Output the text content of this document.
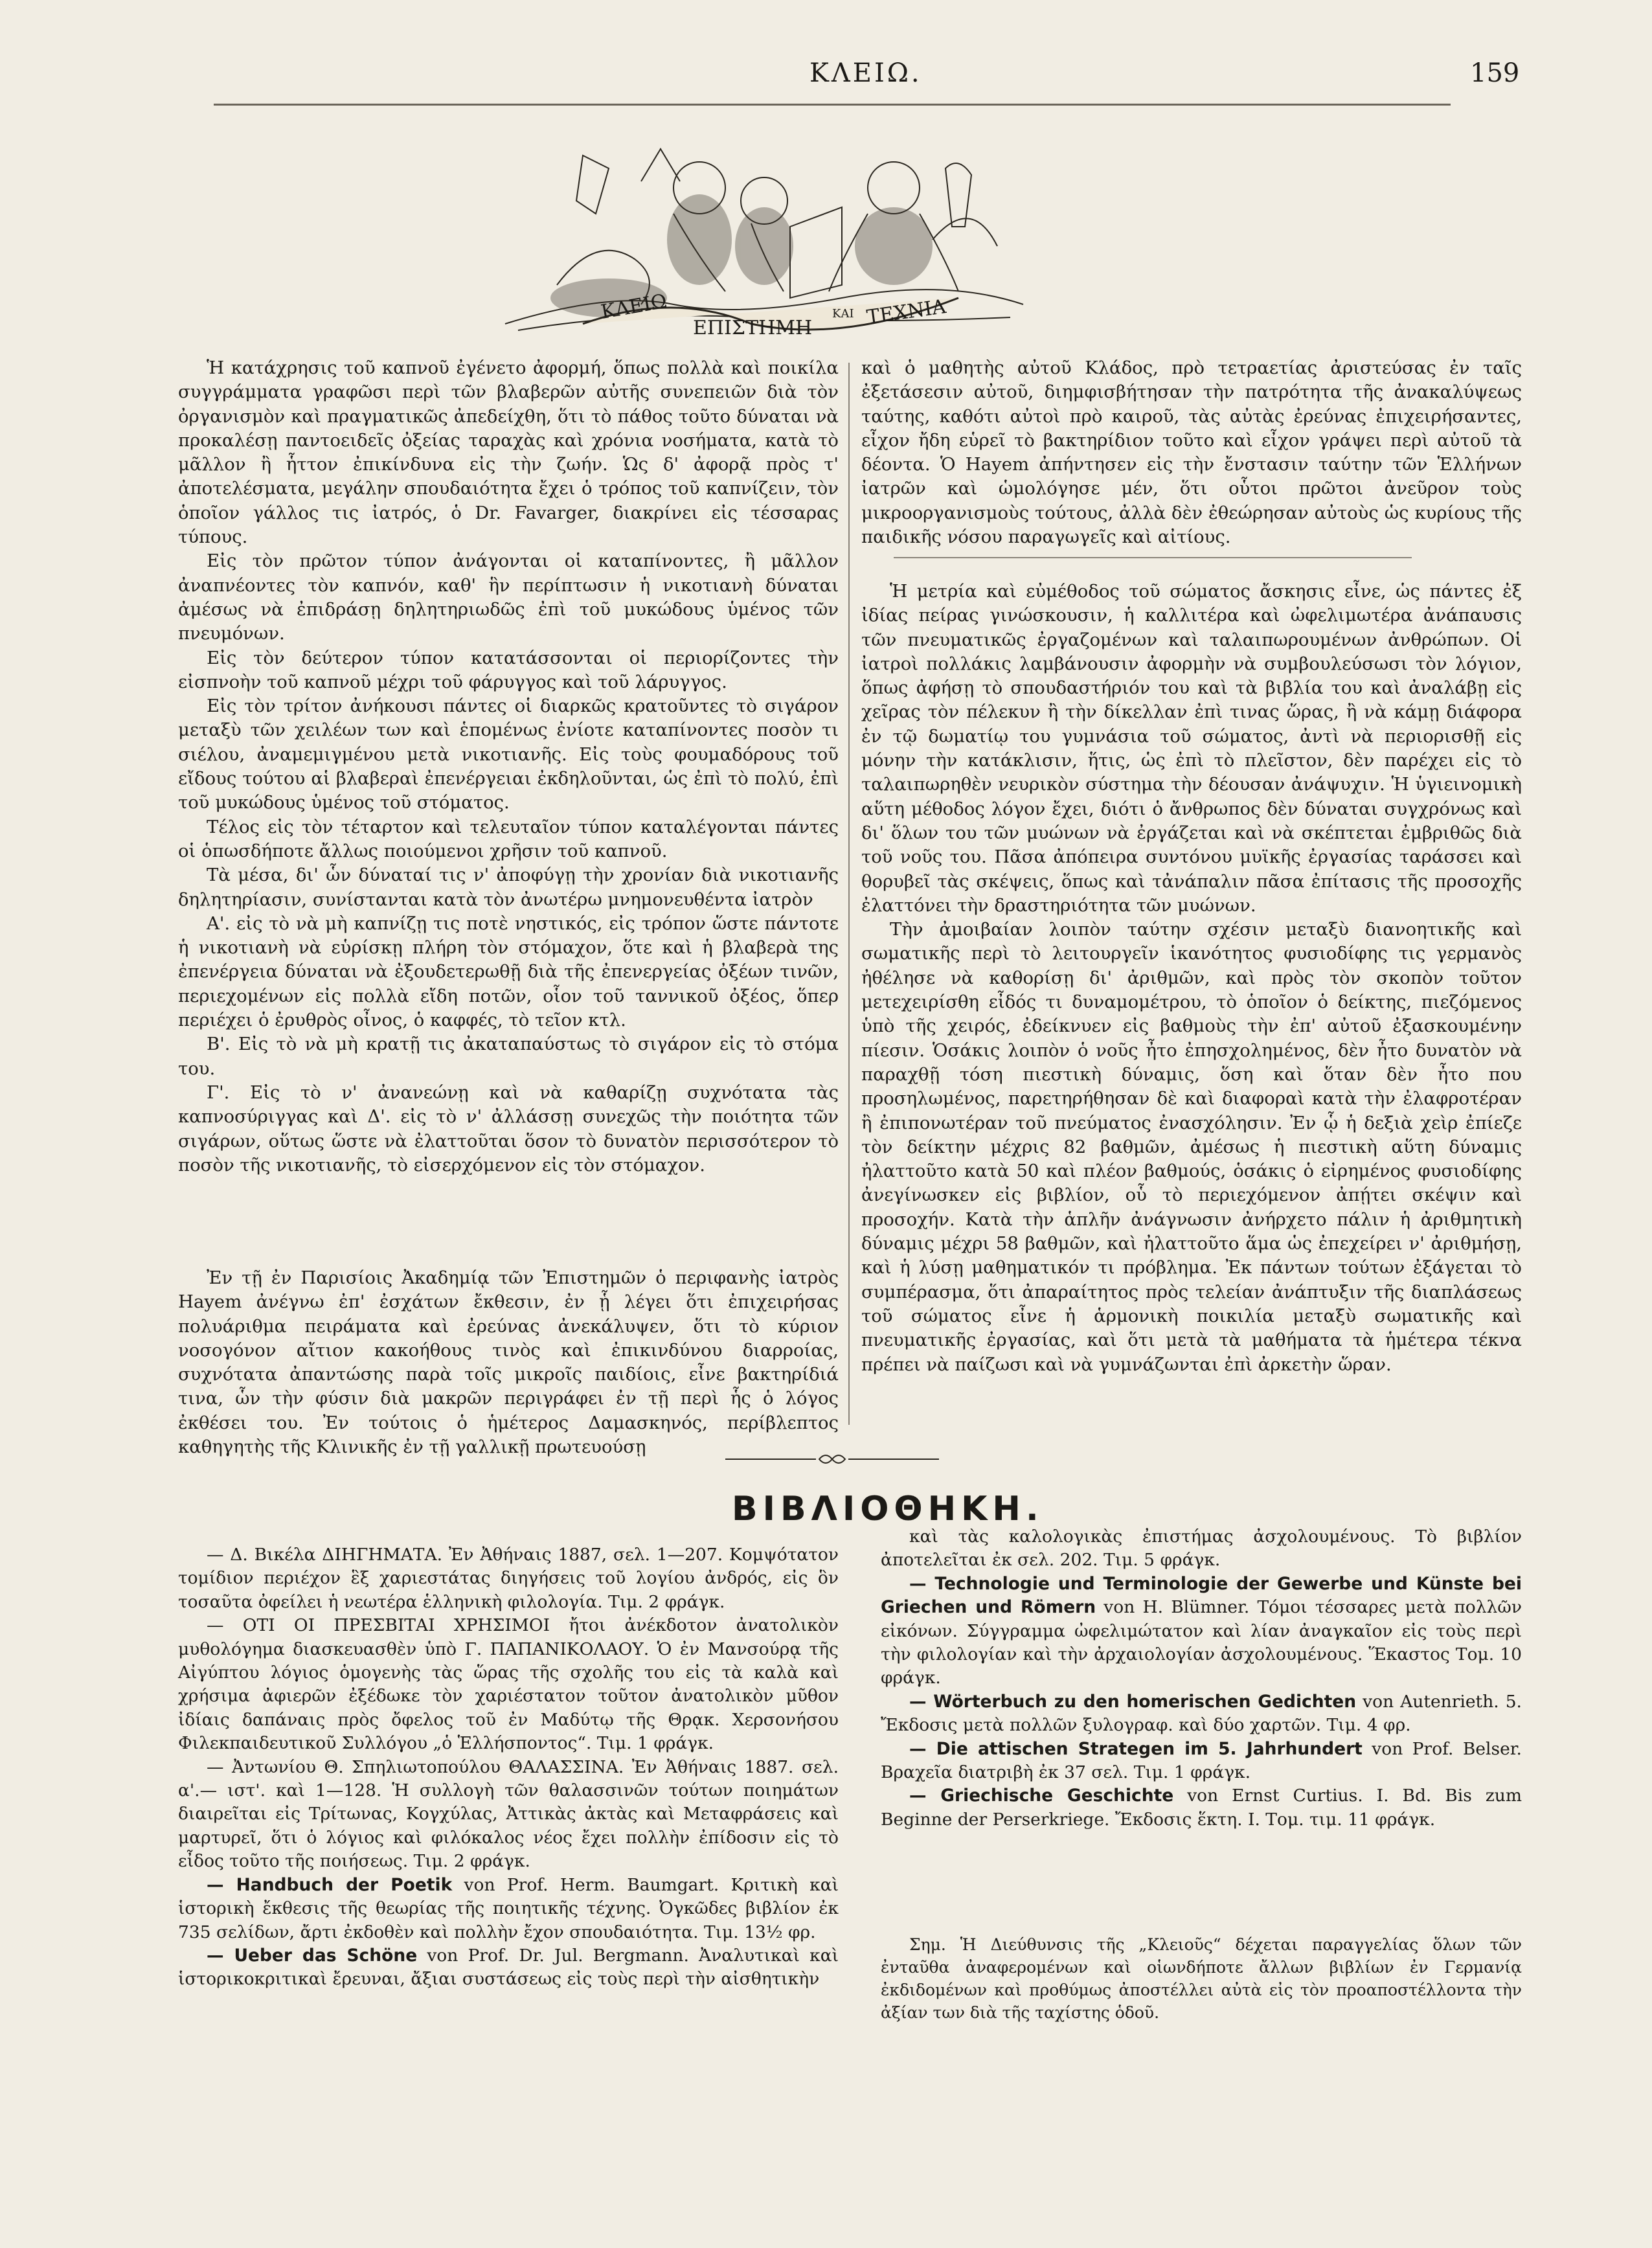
ΚΛΕΙΩ.	159
ΚΛΕΙΩ
ΕΠΙΣΤΗΜΗ
ΚΑΙ ΤΕΧΝΙΑ

Ἡ κατάχρησις τοῦ καπνοῦ ἐγένετο ἀφορμή, ὅπως πολλὰ καὶ ποικίλα συγγράμματα γραφῶσι περὶ τῶν βλαβερῶν αὐτῆς συνεπειῶν διὰ τὸν ὀργανισμὸν καὶ πραγματικῶς ἀπεδείχθη, ὅτι τὸ πάθος τοῦτο δύναται νὰ προκαλέσῃ παντοειδεῖς ὀξείας ταραχὰς καὶ χρόνια νοσήματα, κατὰ τὸ μᾶλλον ἢ ἧττον ἐπικίνδυνα εἰς τὴν ζωήν. Ὡς δ' ἀφορᾷ πρὸς τ' ἀποτελέσματα, μεγάλην σπουδαιότητα ἔχει ὁ τρόπος τοῦ καπνίζειν, τὸν ὁποῖον γάλλος τις ἰατρός, ὁ Dr. Favarger, διακρίνει εἰς τέσσαρας τύπους.

Εἰς τὸν πρῶτον τύπον ἀνάγονται οἱ καταπίνοντες, ἢ μᾶλλον ἀναπνέοντες τὸν καπνόν, καθ' ἣν περίπτωσιν ἡ νικοτιανὴ δύναται ἀμέσως νὰ ἐπιδράσῃ δηλητηριωδῶς ἐπὶ τοῦ μυκώδους ὑμένος τῶν πνευμόνων.

Εἰς τὸν δεύτερον τύπον κατατάσσονται οἱ περιορίζοντες τὴν εἰσπνοὴν τοῦ καπνοῦ μέχρι τοῦ φάρυγγος καὶ τοῦ λάρυγγος.

Εἰς τὸν τρίτον ἀνήκουσι πάντες οἱ διαρκῶς κρατοῦντες τὸ σιγάρον μεταξὺ τῶν χειλέων των καὶ ἑπομένως ἐνίοτε καταπίνοντες ποσὸν τι σιέλου, ἀναμεμιγμένου μετὰ νικοτιανῆς. Εἰς τοὺς φουμαδόρους τοῦ εἴδους τούτου αἱ βλαβεραὶ ἐπενέργειαι ἐκδηλοῦνται, ὡς ἐπὶ τὸ πολύ, ἐπὶ τοῦ μυκώδους ὑμένος τοῦ στόματος.

Τέλος εἰς τὸν τέταρτον καὶ τελευταῖον τύπον καταλέγονται πάντες οἱ ὁπωσδήποτε ἄλλως ποιούμενοι χρῆσιν τοῦ καπνοῦ.

Τὰ μέσα, δι' ὧν δύναταί τις ν' ἀποφύγῃ τὴν χρονίαν διὰ νικοτιανῆς δηλητηρίασιν, συνίστανται κατὰ τὸν ἀνωτέρω μνημονευθέντα ἰατρὸν

Α'. εἰς τὸ νὰ μὴ καπνίζῃ τις ποτὲ νηστικός, εἰς τρόπον ὥστε πάντοτε ἡ νικοτιανὴ νὰ εὑρίσκῃ πλήρη τὸν στόμαχον, ὅτε καὶ ἡ βλαβερὰ της ἐπενέργεια δύναται νὰ ἐξουδετερωθῇ διὰ τῆς ἐπενεργείας ὀξέων τινῶν, περιεχομένων εἰς πολλὰ εἴδη ποτῶν, οἷον τοῦ ταννικοῦ ὀξέος, ὅπερ περιέχει ὁ ἐρυθρὸς οἶνος, ὁ καφφές, τὸ τεῖον κτλ.

Β'. Εἰς τὸ νὰ μὴ κρατῇ τις ἀκαταπαύστως τὸ σιγάρον εἰς τὸ στόμα του.

Γ'. Εἰς τὸ ν' ἀνανεώνῃ καὶ νὰ καθαρίζῃ συχνότατα τὰς καπνοσύριγγας καὶ Δ'. εἰς τὸ ν' ἀλλάσσῃ συνεχῶς τὴν ποιότητα τῶν σιγάρων, οὕτως ὥστε νὰ ἐλαττοῦται ὅσον τὸ δυνατὸν περισσότερον τὸ ποσὸν τῆς νικοτιανῆς, τὸ εἰσερχόμενον εἰς τὸν στόμαχον.

Ἐν τῇ ἐν Παρισίοις Ἀκαδημίᾳ τῶν Ἐπιστημῶν ὁ περιφανὴς ἰατρὸς Hayem ἀνέγνω ἐπ' ἐσχάτων ἔκθεσιν, ἐν ᾗ λέγει ὅτι ἐπιχειρήσας πολυάριθμα πειράματα καὶ ἐρεύνας ἀνεκάλυψεν, ὅτι τὸ κύριον νοσογόνον αἴτιον κακοήθους τινὸς καὶ ἐπικινδύνου διαρροίας, συχνότατα ἀπαντώσης παρὰ τοῖς μικροῖς παιδίοις, εἶνε βακτηρίδιά τινα, ὧν τὴν φύσιν διὰ μακρῶν περιγράφει ἐν τῇ περὶ ἧς ὁ λόγος ἐκθέσει του. Ἐν τούτοις ὁ ἡμέτερος Δαμασκηνός, περίβλεπτος καθηγητὴς τῆς Κλινικῆς ἐν τῇ γαλλικῇ πρωτευούσῃ

καὶ ὁ μαθητὴς αὐτοῦ Κλάδος, πρὸ τετραετίας ἀριστεύσας ἐν ταῖς ἐξετάσεσιν αὐτοῦ, διημφισβήτησαν τὴν πατρότητα τῆς ἀνακαλύψεως ταύτης, καθότι αὐτοὶ πρὸ καιροῦ, τὰς αὐτὰς ἐρεύνας ἐπιχειρήσαντες, εἶχον ἤδη εὑρεῖ τὸ βακτηρίδιον τοῦτο καὶ εἶχον γράψει περὶ αὐτοῦ τὰ δέοντα. Ὁ Hayem ἀπήντησεν εἰς τὴν ἔνστασιν ταύτην τῶν Ἑλλήνων ἰατρῶν καὶ ὡμολόγησε μέν, ὅτι οὗτοι πρῶτοι ἀνεῦρον τοὺς μικροοργανισμοὺς τούτους, ἀλλὰ δὲν ἐθεώρησαν αὐτοὺς ὡς κυρίους τῆς παιδικῆς νόσου παραγωγεῖς καὶ αἰτίους.

Ἡ μετρία καὶ εὐμέθοδος τοῦ σώματος ἄσκησις εἶνε, ὡς πάντες ἐξ ἰδίας πείρας γινώσκουσιν, ἡ καλλιτέρα καὶ ὠφελιμωτέρα ἀνάπαυσις τῶν πνευματικῶς ἐργαζομένων καὶ ταλαιπωρουμένων ἀνθρώπων. Οἱ ἰατροὶ πολλάκις λαμβάνουσιν ἀφορμὴν νὰ συμβουλεύσωσι τὸν λόγιον, ὅπως ἀφήσῃ τὸ σπουδαστήριόν του καὶ τὰ βιβλία του καὶ ἀναλάβῃ εἰς χεῖρας τὸν πέλεκυν ἢ τὴν δίκελλαν ἐπὶ τινας ὥρας, ἢ νὰ κάμῃ διάφορα ἐν τῷ δωματίῳ του γυμνάσια τοῦ σώματος, ἀντὶ νὰ περιορισθῇ εἰς μόνην τὴν κατάκλισιν, ἥτις, ὡς ἐπὶ τὸ πλεῖστον, δὲν παρέχει εἰς τὸ ταλαιπωρηθὲν νευρικὸν σύστημα τὴν δέουσαν ἀνάψυχιν. Ἡ ὑγιεινομικὴ αὕτη μέθοδος λόγον ἔχει, διότι ὁ ἄνθρωπος δὲν δύναται συγχρόνως καὶ δι' ὅλων του τῶν μυώνων νὰ ἐργάζεται καὶ νὰ σκέπτεται ἐμβριθῶς διὰ τοῦ νοῦς του. Πᾶσα ἀπόπειρα συντόνου μυϊκῆς ἐργασίας ταράσσει καὶ θορυβεῖ τὰς σκέψεις, ὅπως καὶ τἀνάπαλιν πᾶσα ἐπίτασις τῆς προσοχῆς ἐλαττόνει τὴν δραστηριότητα τῶν μυώνων.

Τὴν ἀμοιβαίαν λοιπὸν ταύτην σχέσιν μεταξὺ διανοητικῆς καὶ σωματικῆς περὶ τὸ λειτουργεῖν ἱκανότητος φυσιοδίφης τις γερμανὸς ἠθέλησε νὰ καθορίσῃ δι' ἀριθμῶν, καὶ πρὸς τὸν σκοπὸν τοῦτον μετεχειρίσθη εἶδός τι δυναμομέτρου, τὸ ὁποῖον ὁ δείκτης, πιεζόμενος ὑπὸ τῆς χειρός, ἐδείκνυεν εἰς βαθμοὺς τὴν ἐπ' αὐτοῦ ἐξασκουμένην πίεσιν. Ὁσάκις λοιπὸν ὁ νοῦς ἦτο ἐπησχολημένος, δὲν ἦτο δυνατὸν νὰ παραχθῇ τόση πιεστικὴ δύναμις, ὅση καὶ ὅταν δὲν ἦτο που προσηλωμένος, παρετηρήθησαν δὲ καὶ διαφοραὶ κατὰ τὴν ἐλαφροτέραν ἢ ἐπιπονωτέραν τοῦ πνεύματος ἐνασχόλησιν. Ἐν ᾧ ἡ δεξιὰ χεὶρ ἐπίεζε τὸν δείκτην μέχρις 82 βαθμῶν, ἀμέσως ἡ πιεστικὴ αὕτη δύναμις ἠλαττοῦτο κατὰ 50 καὶ πλέον βαθμούς, ὁσάκις ὁ εἰρημένος φυσιοδίφης ἀνεγίνωσκεν εἰς βιβλίον, οὗ τὸ περιεχόμενον ἀπῄτει σκέψιν καὶ προσοχήν. Κατὰ τὴν ἁπλῆν ἀνάγνωσιν ἀνήρχετο πάλιν ἡ ἀριθμητικὴ δύναμις μέχρι 58 βαθμῶν, καὶ ἠλαττοῦτο ἅμα ὡς ἐπεχείρει ν' ἀριθμήσῃ, καὶ ἡ λύσῃ μαθηματικόν τι πρόβλημα. Ἐκ πάντων τούτων ἐξάγεται τὸ συμπέρασμα, ὅτι ἀπαραίτητος πρὸς τελείαν ἀνάπτυξιν τῆς διαπλάσεως τοῦ σώματος εἶνε ἡ ἁρμονικὴ ποικιλία μεταξὺ σωματικῆς καὶ πνευματικῆς ἐργασίας, καὶ ὅτι μετὰ τὰ μαθήματα τὰ ἡμέτερα τέκνα πρέπει νὰ παίζωσι καὶ νὰ γυμνάζωνται ἐπὶ ἀρκετὴν ὥραν.

ΒΙΒΛΙΟΘΗΚΗ.

— Δ. Βικέλα ΔΙΗΓΗΜΑΤΑ. Ἐν Ἀθήναις 1887, σελ. 1—207. Κομψότατον τομίδιον περιέχον ἓξ χαριεστάτας διηγήσεις τοῦ λογίου ἀνδρός, εἰς ὃν τοσαῦτα ὀφείλει ἡ νεωτέρα ἑλληνικὴ φιλολογία. Τιμ. 2 φράγκ.

— ΟΤΙ ΟΙ ΠΡΕΣΒΙΤΑΙ ΧΡΗΣΙΜΟΙ ἤτοι ἀνέκδοτον ἀνατολικὸν μυθολόγημα διασκευασθὲν ὑπὸ Γ. ΠΑΠΑΝΙΚΟΛΑΟΥ. Ὁ ἐν Μανσούρᾳ τῆς Αἰγύπτου λόγιος ὁμογενὴς τὰς ὥρας τῆς σχολῆς του εἰς τὰ καλὰ καὶ χρήσιμα ἀφιερῶν ἐξέδωκε τὸν χαριέστατον τοῦτον ἀνατολικὸν μῦθον ἰδίαις δαπάναις πρὸς ὄφελος τοῦ ἐν Μαδύτῳ τῆς Θρᾳκ. Χερσονήσου Φιλεκπαιδευτικοῦ Συλλόγου „ὁ Ἑλλήσποντος“. Τιμ. 1 φράγκ.

— Ἀντωνίου Θ. Σπηλιωτοπούλου ΘΑΛΑΣΣΙΝΑ. Ἐν Ἀθήναις 1887. σελ. α'.— ιστ'. καὶ 1—128. Ἡ συλλογὴ τῶν θαλασσινῶν τούτων ποιημάτων διαιρεῖται εἰς Τρίτωνας, Κογχύλας, Ἀττικὰς ἀκτὰς καὶ Μεταφράσεις καὶ μαρτυρεῖ, ὅτι ὁ λόγιος καὶ φιλόκαλος νέος ἔχει πολλὴν ἐπίδοσιν εἰς τὸ εἶδος τοῦτο τῆς ποιήσεως. Τιμ. 2 φράγκ.

— Handbuch der Poetik von Prof. Herm. Baumgart. Κριτικὴ καὶ ἱστορικὴ ἔκθεσις τῆς θεωρίας τῆς ποιητικῆς τέχνης. Ὀγκῶδες βιβλίον ἐκ 735 σελίδων, ἄρτι ἐκδοθὲν καὶ πολλὴν ἔχον σπουδαιότητα. Τιμ. 13½ φρ.

— Ueber das Schöne von Prof. Dr. Jul. Bergmann. Ἀναλυτικαὶ καὶ ἱστορικοκριτικαὶ ἔρευναι, ἄξιαι συστάσεως εἰς τοὺς περὶ τὴν αἰσθητικὴν

καὶ τὰς καλολογικὰς ἐπιστήμας ἀσχολουμένους. Τὸ βιβλίον ἀποτελεῖται ἐκ σελ. 202. Τιμ. 5 φράγκ.

— Technologie und Terminologie der Gewerbe und Künste bei Griechen und Römern von H. Blümner. Τόμοι τέσσαρες μετὰ πολλῶν εἰκόνων. Σύγγραμμα ὠφελιμώτατον καὶ λίαν ἀναγκαῖον εἰς τοὺς περὶ τὴν φιλολογίαν καὶ τὴν ἀρχαιολογίαν ἀσχολουμένους. Ἕκαστος Τομ. 10 φράγκ.

— Wörterbuch zu den homerischen Gedichten von Autenrieth. 5. Ἔκδοσις μετὰ πολλῶν ξυλογραφ. καὶ δύο χαρτῶν. Τιμ. 4 φρ.

— Die attischen Strategen im 5. Jahrhundert von Prof. Belser. Βραχεῖα διατριβὴ ἐκ 37 σελ. Τιμ. 1 φράγκ.

— Griechische Geschichte von Ernst Curtius. I. Bd. Bis zum Beginne der Perserkriege. Ἔκδοσις ἕκτη. I. Τομ. τιμ. 11 φράγκ.

Σημ. Ἡ Διεύθυνσις τῆς „Κλειοῦς“ δέχεται παραγγελίας ὅλων τῶν ἐνταῦθα ἀναφερομένων καὶ οἱωνδήποτε ἄλλων βιβλίων ἐν Γερμανίᾳ ἐκδιδομένων καὶ προθύμως ἀποστέλλει αὐτὰ εἰς τὸν προαποστέλλοντα τὴν ἀξίαν των διὰ τῆς ταχίστης ὁδοῦ.
